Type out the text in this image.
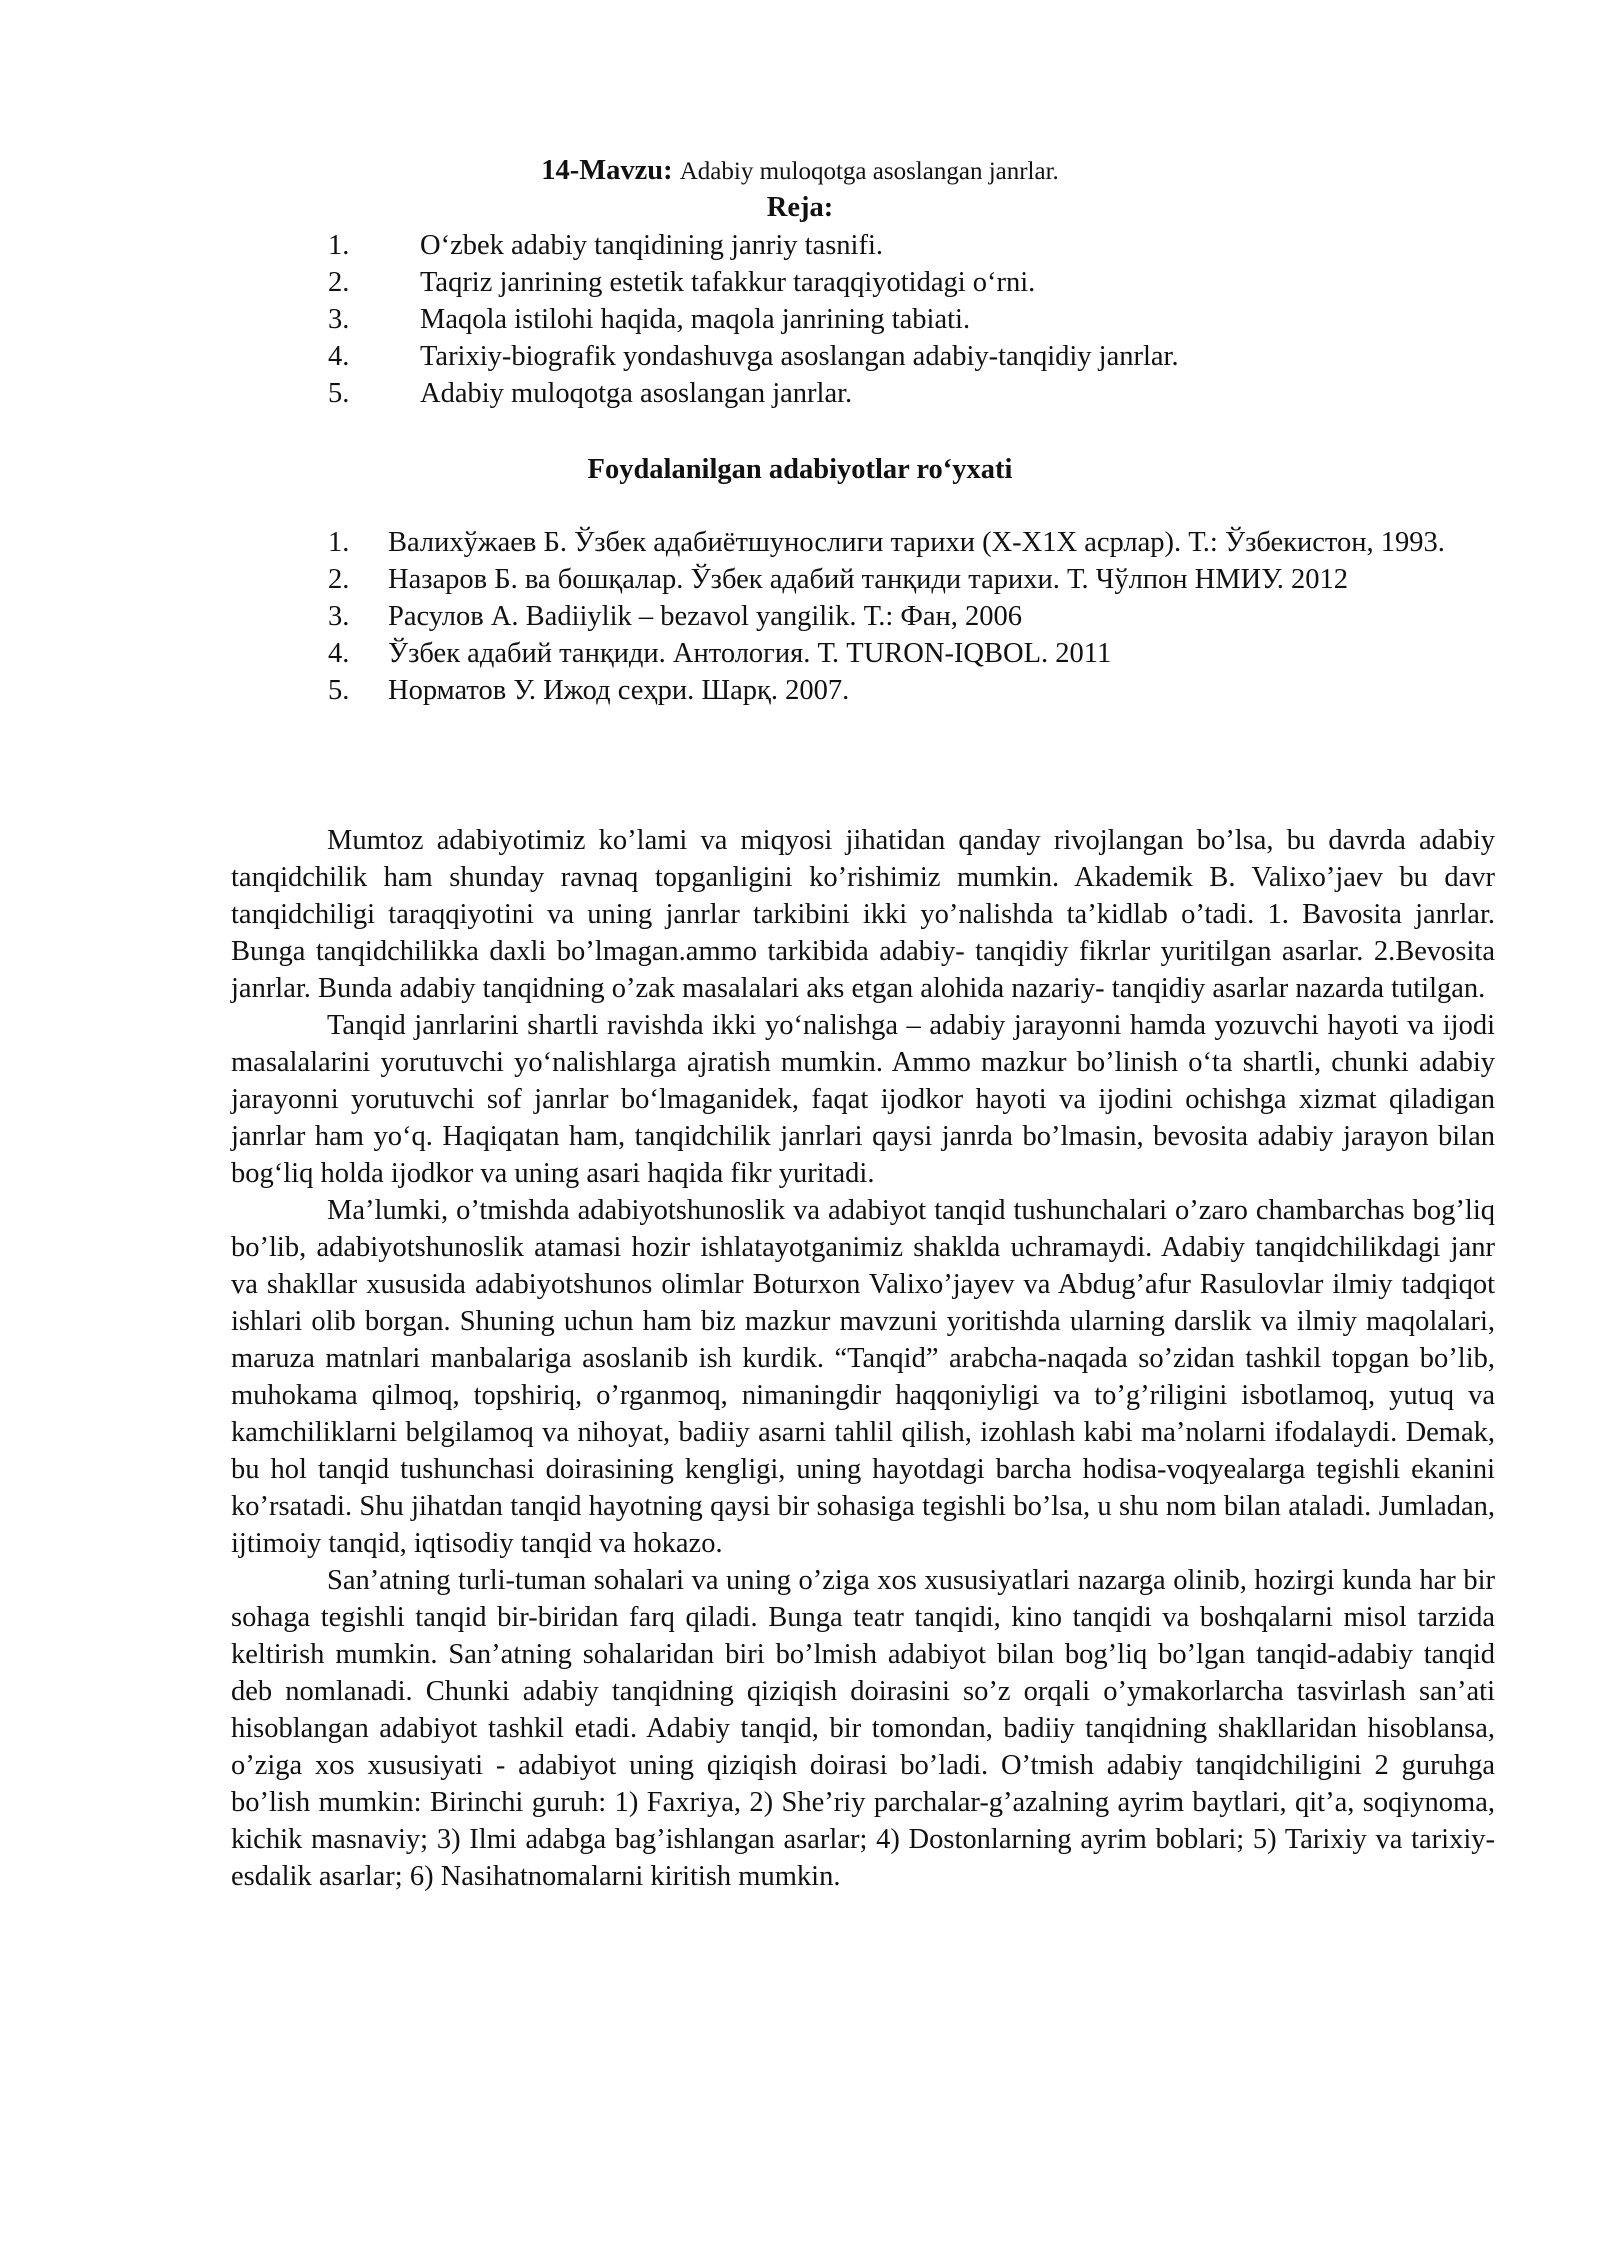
14-Mavzu: Adabiy muloqotga asoslangan janrlar.
Reja:
1. O‘zbek adabiy tanqidining janriy tasnifi.
2. Taqriz janrining estetik tafakkur taraqqiyotidagi o‘rni.
3. Maqola istilohi haqida, maqola janrining tabiati.
4. Tarixiy-biografik yondashuvga asoslangan adabiy-tanqidiy janrlar.
5. Adabiy muloqotga asoslangan janrlar.
Foydalanilgan adabiyotlar ro‘yxati
1. Валихўжаев Б. Ўзбек адабиётшунослиги тарихи (Х-Х1Х асрлар). Т.: Ўзбекистон, 1993.
2. Назаров Б. ва бошқалар. Ўзбек адабий танқиди тарихи. Т. Чўлпон НМИУ. 2012
3. Расулов А. Badiiylik – bezavol yangilik. Т.: Фан, 2006
4. Ўзбек адабий танқиди. Антология. Т. TURON-IQBOL. 2011
5. Норматов У. Ижод сеҳри. Шарқ. 2007.

Mumtoz adabiyotimiz ko’lami va miqyosi jihatidan qanday rivojlangan bo’lsa, bu davrda adabiy tanqidchilik ham shunday ravnaq topganligini ko’rishimiz mumkin. Akademik B. Valixo’jaev bu davr tanqidchiligi taraqqiyotini va uning janrlar tarkibini ikki yo’nalishda ta’kidlab o’tadi. 1. Bavosita janrlar. Bunga tanqidchilikka daxli bo’lmagan.ammo tarkibida adabiy- tanqidiy fikrlar yuritilgan asarlar. 2.Bevosita janrlar. Bunda adabiy tanqidning o’zak masalalari aks etgan alohida nazariy- tanqidiy asarlar nazarda tutilgan.

Tanqid janrlarini shartli ravishda ikki yo‘nalishga – adabiy jarayonni hamda yozuvchi hayoti va ijodi masalalarini yorutuvchi yo‘nalishlarga ajratish mumkin. Ammo mazkur bo’linish o‘ta shartli, chunki adabiy jarayonni yorutuvchi sof janrlar bo‘lmaganidek, faqat ijodkor hayoti va ijodini ochishga xizmat qiladigan janrlar ham yo‘q. Haqiqatan ham, tanqidchilik janrlari qaysi janrda bo’lmasin, bevosita adabiy jarayon bilan bog‘liq holda ijodkor va uning asari haqida fikr yuritadi.

Ma’lumki, o’tmishda adabiyotshunoslik va adabiyot tanqid tushunchalari o’zaro chambarchas bog’liq bo’lib, adabiyotshunoslik atamasi hozir ishlatayotganimiz shaklda uchramaydi. Adabiy tanqidchilikdagi janr va shakllar xususida adabiyotshunos olimlar Boturxon Valixo’jayev va Abdug’afur Rasulovlar ilmiy tadqiqot ishlari olib borgan. Shuning uchun ham biz mazkur mavzuni yoritishda ularning darslik va ilmiy maqolalari, maruza matnlari manbalariga asoslanib ish kurdik. “Tanqid” arabcha-naqada so’zidan tashkil topgan bo’lib, muhokama qilmoq, topshiriq, o’rganmoq, nimaningdir haqqoniyligi va to’g’riligini isbotlamoq, yutuq va kamchiliklarni belgilamoq va nihoyat, badiiy asarni tahlil qilish, izohlash kabi ma’nolarni ifodalaydi. Demak, bu hol tanqid tushunchasi doirasining kengligi, uning hayotdagi barcha hodisa-voqyealarga tegishli ekanini ko’rsatadi. Shu jihatdan tanqid hayotning qaysi bir sohasiga tegishli bo’lsa, u shu nom bilan ataladi. Jumladan, ijtimoiy tanqid, iqtisodiy tanqid va hokazo.

San’atning turli-tuman sohalari va uning o’ziga xos xususiyatlari nazarga olinib, hozirgi kunda har bir sohaga tegishli tanqid bir-biridan farq qiladi. Bunga teatr tanqidi, kino tanqidi va boshqalarni misol tarzida keltirish mumkin. San’atning sohalaridan biri bo’lmish adabiyot bilan bog’liq bo’lgan tanqid-adabiy tanqid deb nomlanadi. Chunki adabiy tanqidning qiziqish doirasini so’z orqali o’ymakorlarcha tasvirlash san’ati hisoblangan adabiyot tashkil etadi. Adabiy tanqid, bir tomondan, badiiy tanqidning shakllaridan hisoblansa, o’ziga xos xususiyati - adabiyot uning qiziqish doirasi bo’ladi. O’tmish adabiy tanqidchiligini 2 guruhga bo’lish mumkin: Birinchi guruh: 1) Faxriya, 2) She’riy parchalar-g’azalning ayrim baytlari, qit’a, soqiynoma, kichik masnaviy; 3) Ilmi adabga bag’ishlangan asarlar; 4) Dostonlarning ayrim boblari; 5) Tarixiy va tarixiy-esdalik asarlar; 6) Nasihatnomalarni kiritish mumkin.
